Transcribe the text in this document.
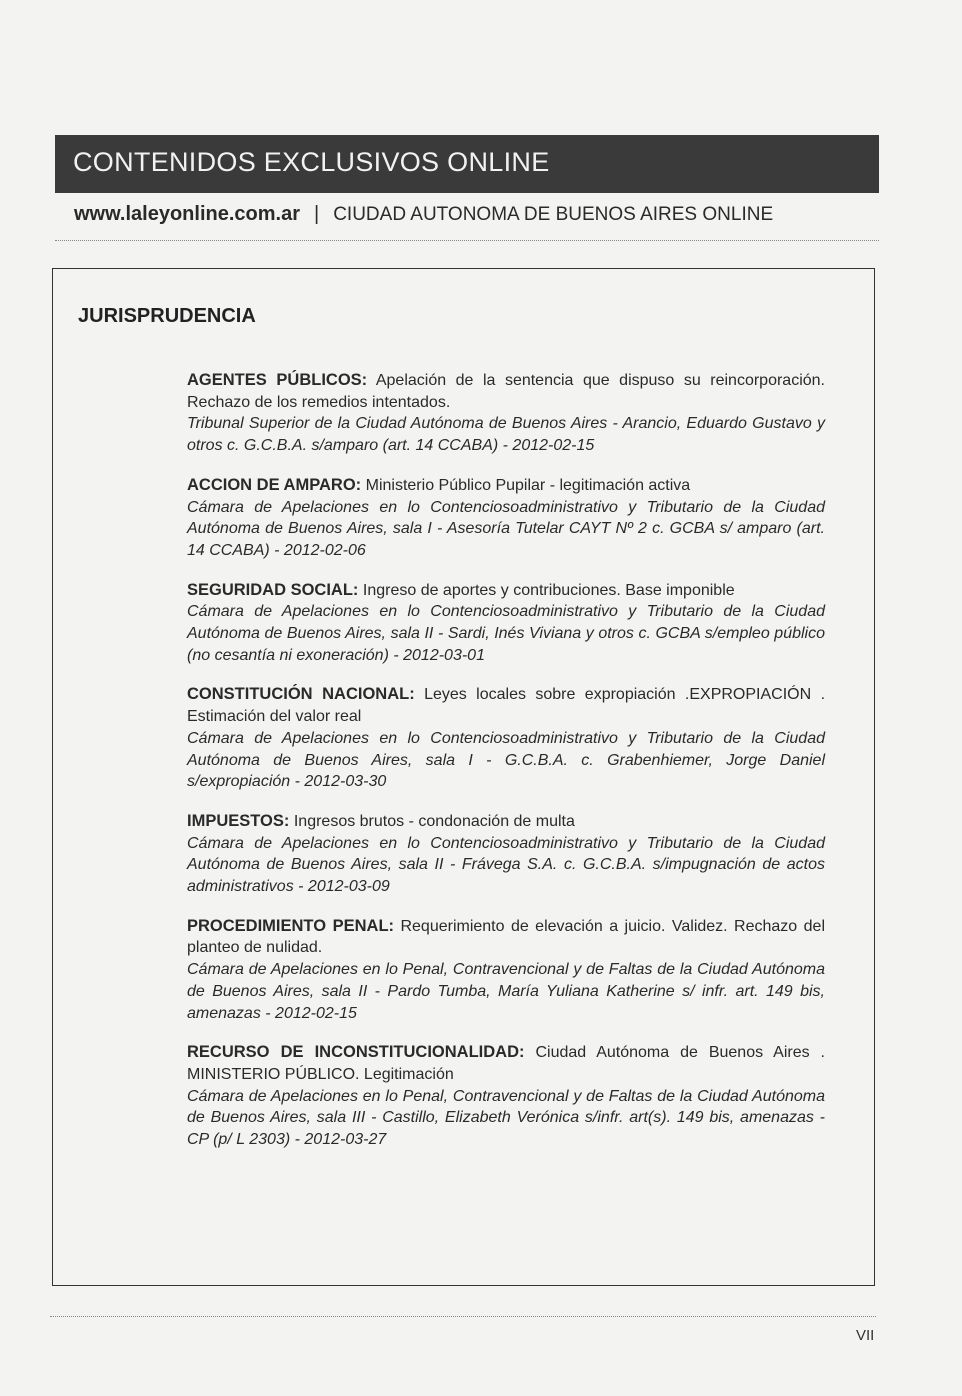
CONTENIDOS EXCLUSIVOS ONLINE
www.laleyonline.com.ar | CIUDAD AUTONOMA DE BUENOS AIRES ONLINE
JURISPRUDENCIA
AGENTES PÚBLICOS: Apelación de la sentencia que dispuso su reincorporación. Rechazo de los remedios intentados.
Tribunal Superior de la Ciudad Autónoma de Buenos Aires - Arancio, Eduardo Gustavo y otros c. G.C.B.A. s/amparo (art. 14 CCABA) - 2012-02-15
ACCION DE AMPARO: Ministerio Público Pupilar - legitimación activa
Cámara de Apelaciones en lo Contenciosoadministrativo y Tributario de la Ciudad Autónoma de Buenos Aires, sala I - Asesoría Tutelar CAYT Nº 2 c. GCBA s/ amparo (art. 14 CCABA) - 2012-02-06
SEGURIDAD SOCIAL: Ingreso de aportes y contribuciones. Base imponible
Cámara de Apelaciones en lo Contenciosoadministrativo y Tributario de la Ciudad Autónoma de Buenos Aires, sala II - Sardi, Inés Viviana y otros c. GCBA s/empleo público (no cesantía ni exoneración) - 2012-03-01
CONSTITUCIÓN NACIONAL: Leyes locales sobre expropiación .EXPROPIACIÓN . Estimación del valor real
Cámara de Apelaciones en lo Contenciosoadministrativo y Tributario de la Ciudad Autónoma de Buenos Aires, sala I - G.C.B.A. c. Grabenhiemer, Jorge Daniel s/expropiación - 2012-03-30
IMPUESTOS: Ingresos brutos - condonación de multa
Cámara de Apelaciones en lo Contenciosoadministrativo y Tributario de la Ciudad Autónoma de Buenos Aires, sala II - Frávega S.A. c. G.C.B.A. s/impugnación de actos administrativos - 2012-03-09
PROCEDIMIENTO PENAL: Requerimiento de elevación a juicio. Validez. Rechazo del planteo de nulidad.
Cámara de Apelaciones en lo Penal, Contravencional y de Faltas de la Ciudad Autónoma de Buenos Aires, sala II - Pardo Tumba, María Yuliana Katherine s/ infr. art. 149 bis, amenazas - 2012-02-15
RECURSO DE INCONSTITUCIONALIDAD: Ciudad Autónoma de Buenos Aires . MINISTERIO PÚBLICO. Legitimación
Cámara de Apelaciones en lo Penal, Contravencional y de Faltas de la Ciudad Autónoma de Buenos Aires, sala III - Castillo, Elizabeth Verónica s/infr. art(s). 149 bis, amenazas - CP (p/ L 2303) - 2012-03-27
VII
